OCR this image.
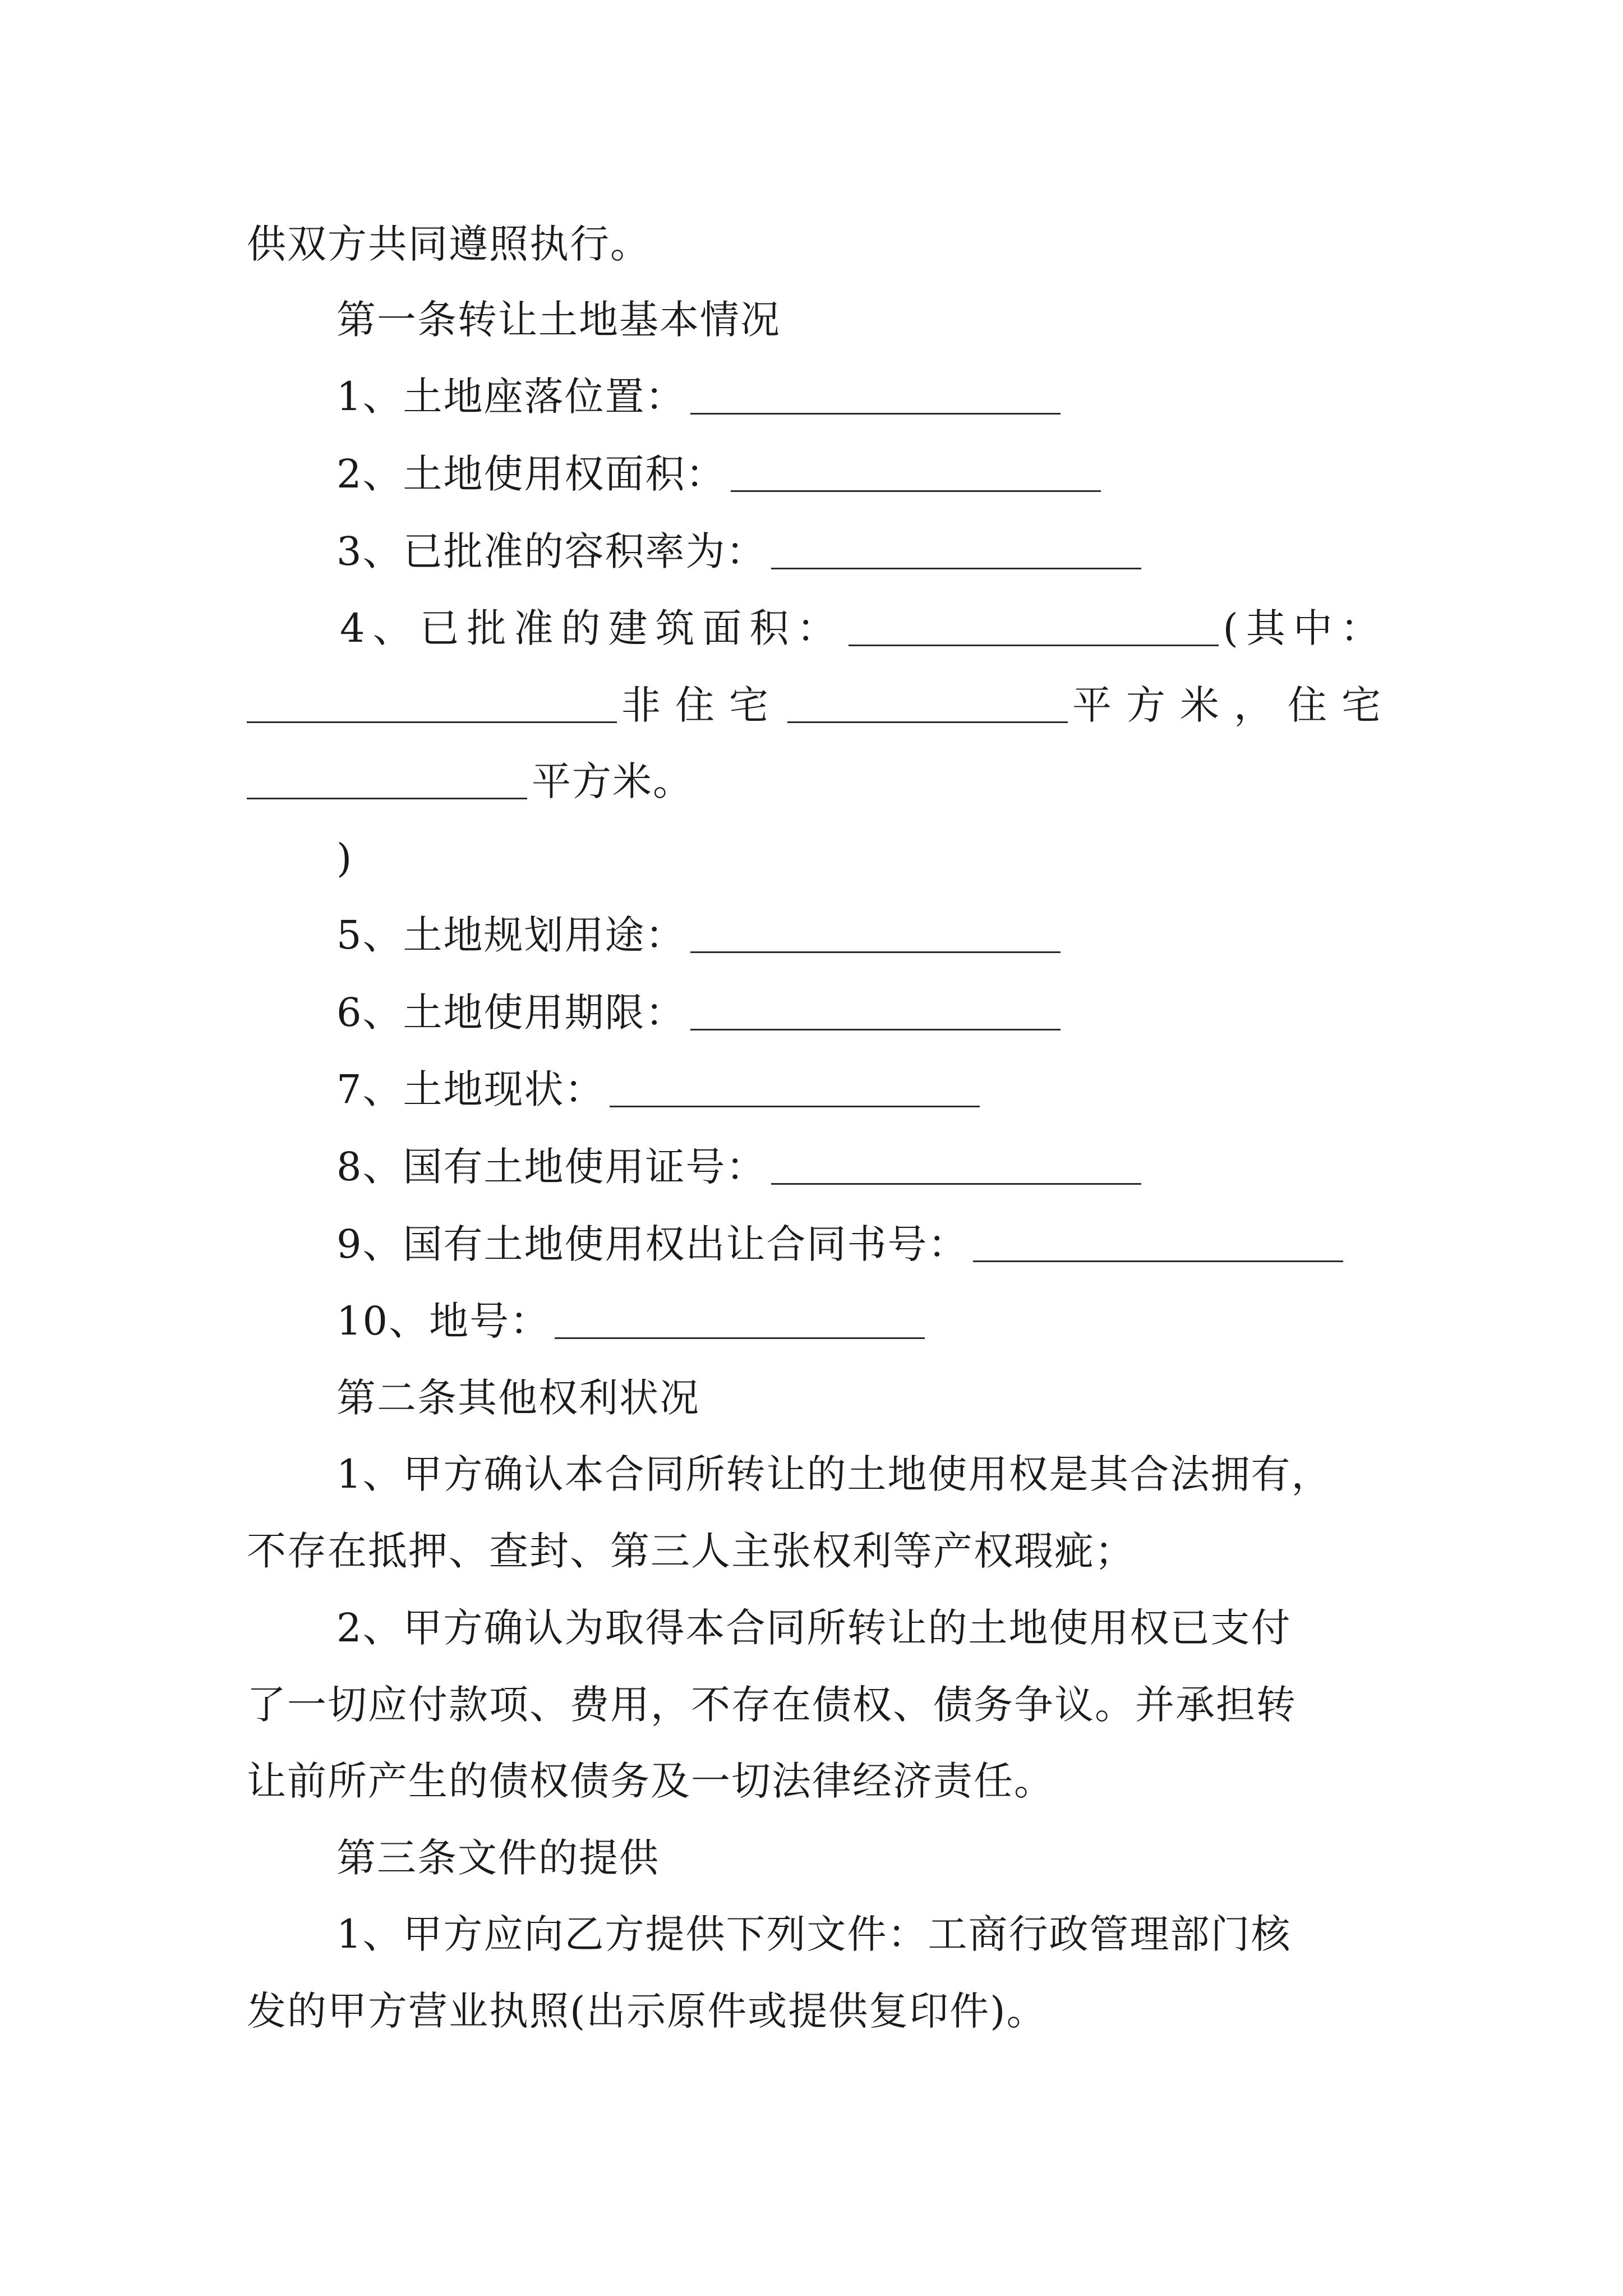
供双方共同遵照执行。
第一条转让土地基本情况
1、土地座落位置：
2、土地使用权面积：
3、已批准的容积率为：
4、已批准的建筑面积：	(其中：
非住宅	平方米，住宅
平方米。
)
5、土地规划用途：
6、土地使用期限：
7、土地现状：
8、国有土地使用证号：
9、国有土地使用权出让合同书号：
10、地号：
第二条其他权利状况
1、甲方确认本合同所转让的土地使用权是其合法拥有，
不存在抵押、查封、第三人主张权利等产权瑕疵；
2、甲方确认为取得本合同所转让的土地使用权已支付
了一切应付款项、费用，不存在债权、债务争议。并承担转
让前所产生的债权债务及一切法律经济责任。
第三条文件的提供
1、甲方应向乙方提供下列文件：工商行政管理部门核
发的甲方营业执照(出示原件或提供复印件)。
